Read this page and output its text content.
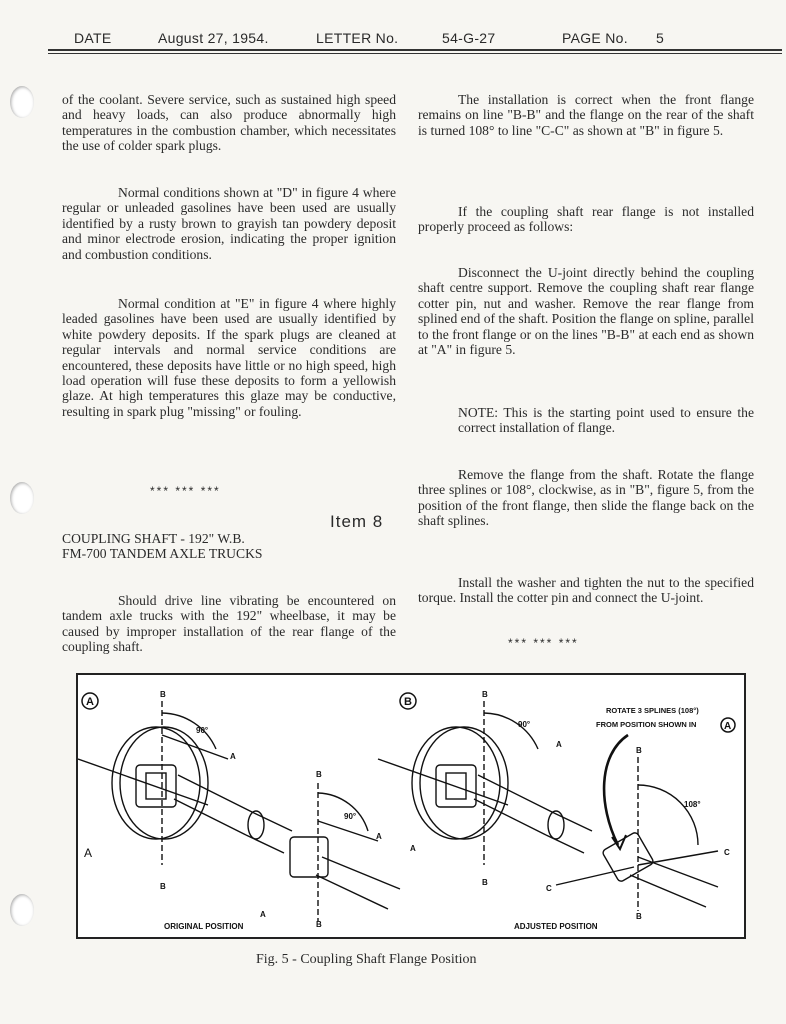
DATE	August 27, 1954.	LETTER No.	54-G-27	PAGE No. 5

of the coolant. Severe service, such as sustained high speed and heavy loads, can also produce abnormally high temperatures in the combustion chamber, which necessitates the use of colder spark plugs.

Normal conditions shown at "D" in figure 4 where regular or unleaded gasolines have been used are usually identified by a rusty brown to grayish tan powdery deposit and minor electrode erosion, indicating the proper ignition and combustion conditions.

Normal condition at "E" in figure 4 where highly leaded gasolines have been used are usually identified by white powdery deposits. If the spark plugs are cleaned at regular intervals and normal service conditions are encountered, these deposits have little or no high speed, high load operation will fuse these deposits to form a yellowish glaze. At high temperatures this glaze may be conductive, resulting in spark plug "missing" or fouling.

*** *** ***
Item 8

COUPLING SHAFT - 192" W.B.

FM-700 TANDEM AXLE TRUCKS

Should drive line vibrating be encountered on tandem axle trucks with the 192" wheelbase, it may be caused by improper installation of the rear flange of the coupling shaft.

The installation is correct when the front flange remains on line "B-B" and the flange on the rear of the shaft is turned 108° to line "C-C" as shown at "B" in figure 5.

If the coupling shaft rear flange is not installed properly proceed as follows:

Disconnect the U-joint directly behind the coupling shaft centre support. Remove the coupling shaft rear flange cotter pin, nut and washer. Remove the rear flange from splined end of the shaft. Position the flange on spline, parallel to the front flange or on the lines "B-B" at each end as shown at "A" in figure 5.

NOTE: This is the starting point used to ensure the correct installation of flange.

Remove the flange from the shaft. Rotate the flange three splines or 108°, clockwise, as in "B", figure 5, from the position of the front flange, then slide the flange back on the shaft splines.

Install the washer and tighten the nut to the specified torque. Install the cotter pin and connect the U-joint.

*** *** ***
A	B
B
90°
A
B
90°
A
B
A
B
A
ORIGINAL POSITION
B
90°
A
A
B
C
B
108°
C
B
ROTATE 3 SPLINES (108°)
FROM POSITION SHOWN IN	A
ADJUSTED POSITION
Fig. 5 - Coupling Shaft Flange Position
